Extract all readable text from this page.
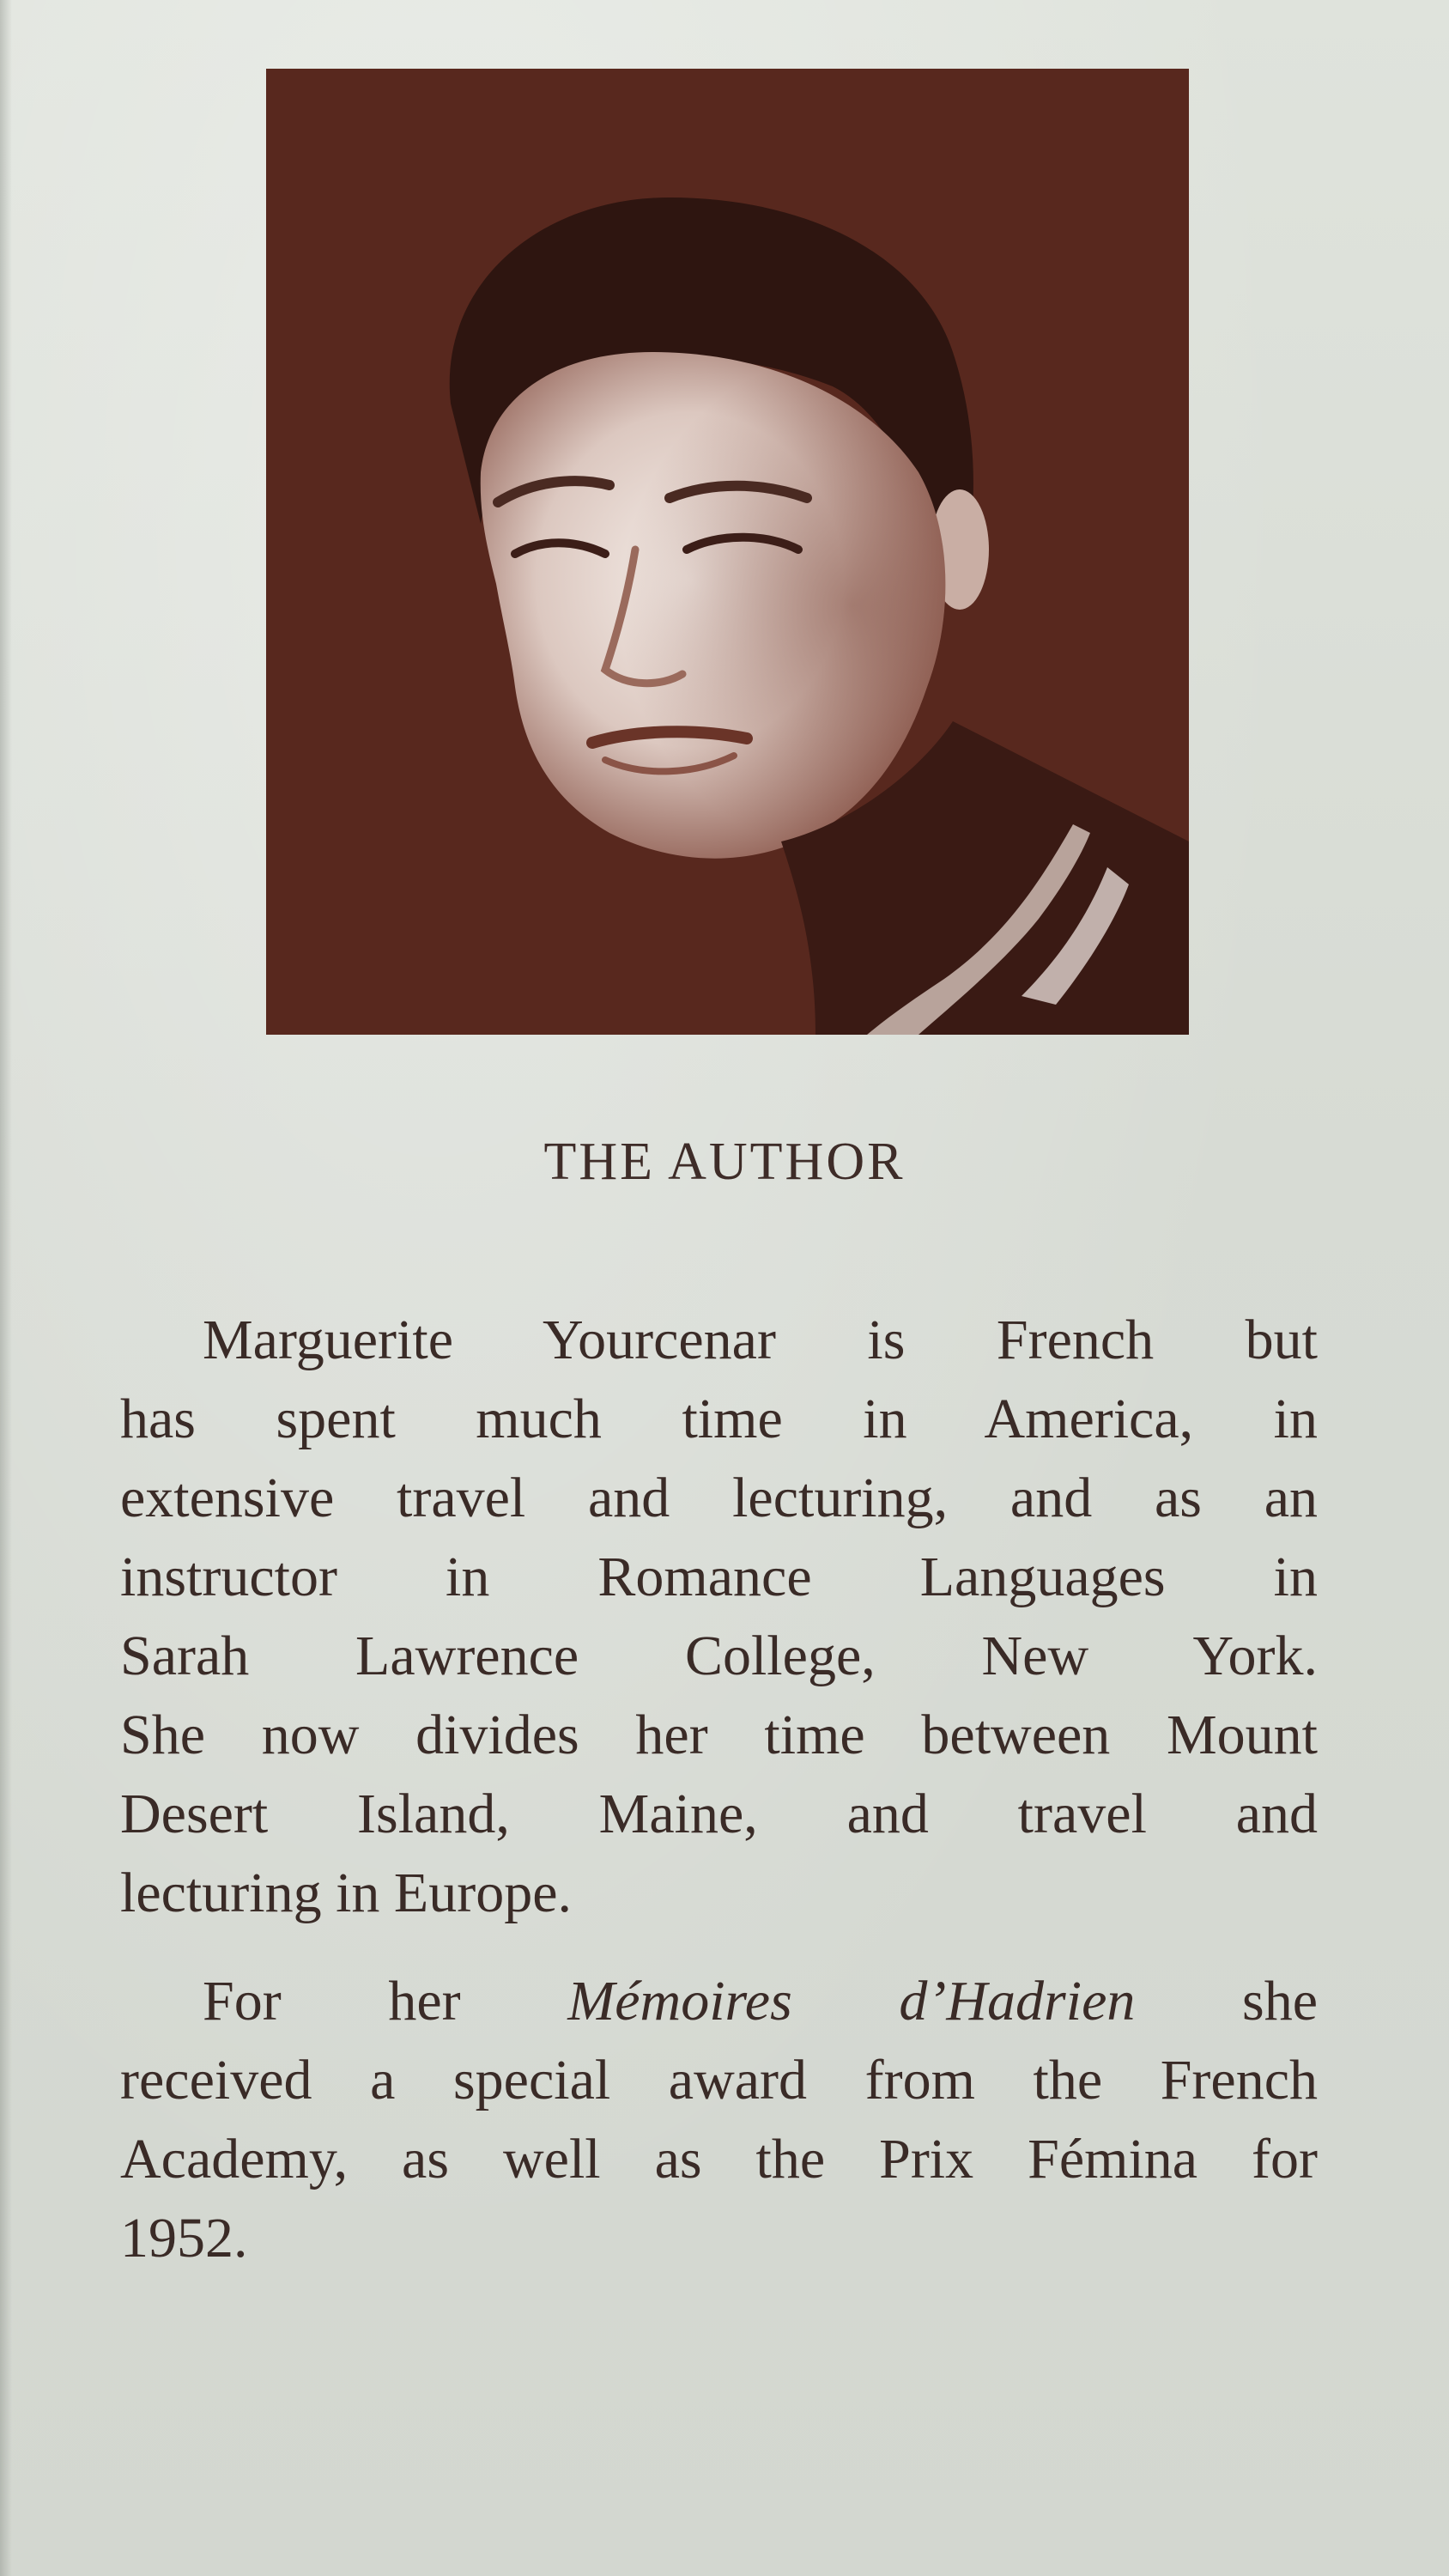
THE AUTHOR

Marguerite Yourcenar is French but
has spent much time in America, in
extensive travel and lecturing, and as an
instructor in Romance Languages in
Sarah Lawrence College, New York.
She now divides her time between Mount
Desert Island, Maine, and travel and
lecturing in Europe.

For her Mémoires d’Hadrien she
received a special award from the French
Academy, as well as the Prix Fémina for
1952.
